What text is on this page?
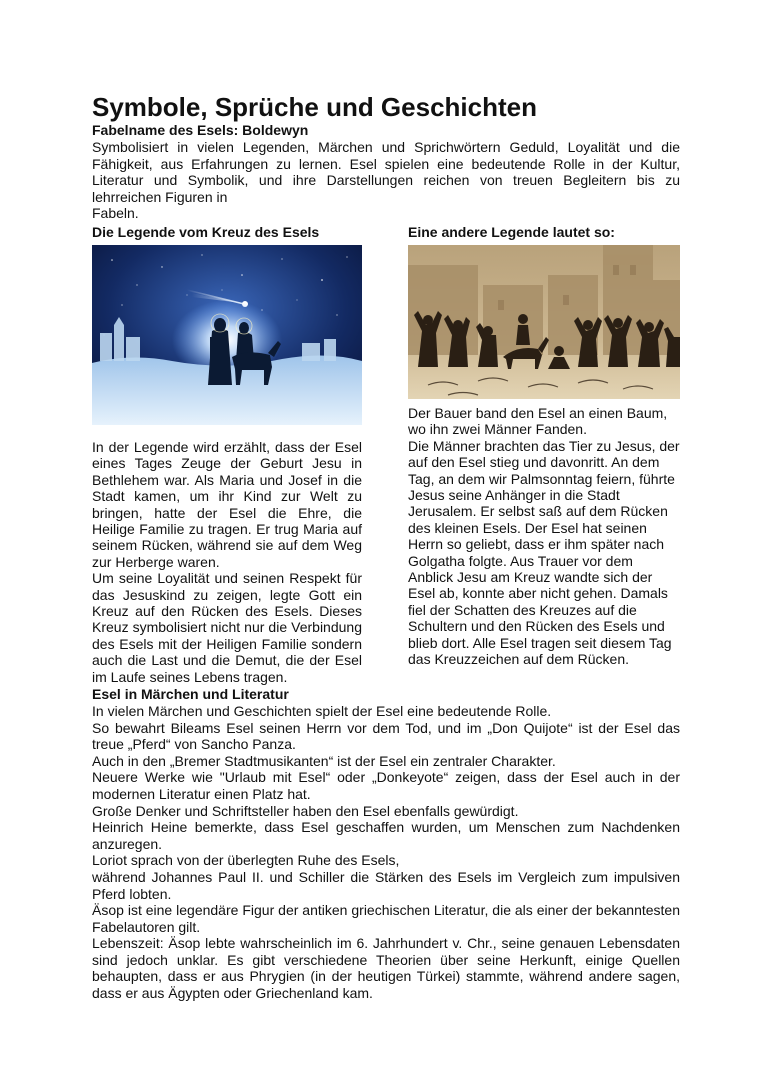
Symbole, Sprüche und Geschichten

Fabelname des Esels: Boldewyn

Symbolisiert in vielen Legenden, Märchen und Sprichwörtern Geduld, Loyalität und die Fähigkeit, aus Erfahrungen zu lernen. Esel spielen eine bedeutende Rolle in der Kultur, Literatur und Symbolik, und ihre Darstellungen reichen von treuen Begleitern bis zu lehrreichen Figuren in

Fabeln.

Die Legende vom Kreuz des Esels

In der Legende wird erzählt, dass der Esel eines Tages Zeuge der Geburt Jesu in Bethlehem war. Als Maria und Josef in die Stadt kamen, um ihr Kind zur Welt zu bringen, hatte der Esel die Ehre, die Heilige Familie zu tragen. Er trug Maria auf seinem Rücken, während sie auf dem Weg zur Herberge waren.

Um seine Loyalität und seinen Respekt für das Jesuskind zu zeigen, legte Gott ein Kreuz auf den Rücken des Esels. Dieses Kreuz symbolisiert nicht nur die Verbindung des Esels mit der Heiligen Familie sondern auch die Last und die Demut, die der Esel im Laufe seines Lebens tragen.

Eine andere Legende lautet so:

Der Bauer band den Esel an einen Baum, wo ihn zwei Männer Fanden.

Die Männer brachten das Tier zu Jesus, der auf den Esel stieg und davonritt. An dem Tag, an dem wir Palmsonntag feiern, führte Jesus seine Anhänger in die Stadt Jerusalem. Er selbst saß auf dem Rücken des kleinen Esels. Der Esel hat seinen Herrn so geliebt, dass er ihm später nach Golgatha folgte. Aus Trauer vor dem Anblick Jesu am Kreuz wandte sich der Esel ab, konnte aber nicht gehen. Damals fiel der Schatten des Kreuzes auf die Schultern und den Rücken des Esels und blieb dort. Alle Esel tragen seit diesem Tag das Kreuzzeichen auf dem Rücken.

Esel in Märchen und Literatur

In vielen Märchen und Geschichten spielt der Esel eine bedeutende Rolle.

So bewahrt Bileams Esel seinen Herrn vor dem Tod, und im „Don Quijote“ ist der Esel das treue „Pferd“ von Sancho Panza.

Auch in den „Bremer Stadtmusikanten“ ist der Esel ein zentraler Charakter.

Neuere Werke wie "Urlaub mit Esel“ oder „Donkeyote“ zeigen, dass der Esel auch in der modernen Literatur einen Platz hat.

Große Denker und Schriftsteller haben den Esel ebenfalls gewürdigt.

Heinrich Heine bemerkte, dass Esel geschaffen wurden, um Menschen zum Nachdenken anzuregen.

Loriot sprach von der überlegten Ruhe des Esels,

während Johannes Paul II. und Schiller die Stärken des Esels im Vergleich zum impulsiven Pferd lobten.

Äsop ist eine legendäre Figur der antiken griechischen Literatur, die als einer der bekanntesten Fabelautoren gilt.

Lebenszeit: Äsop lebte wahrscheinlich im 6. Jahrhundert v. Chr., seine genauen Lebensdaten sind jedoch unklar. Es gibt verschiedene Theorien über seine Herkunft, einige Quellen behaupten, dass er aus Phrygien (in der heutigen Türkei) stammte, während andere sagen, dass er aus Ägypten oder Griechenland kam.
